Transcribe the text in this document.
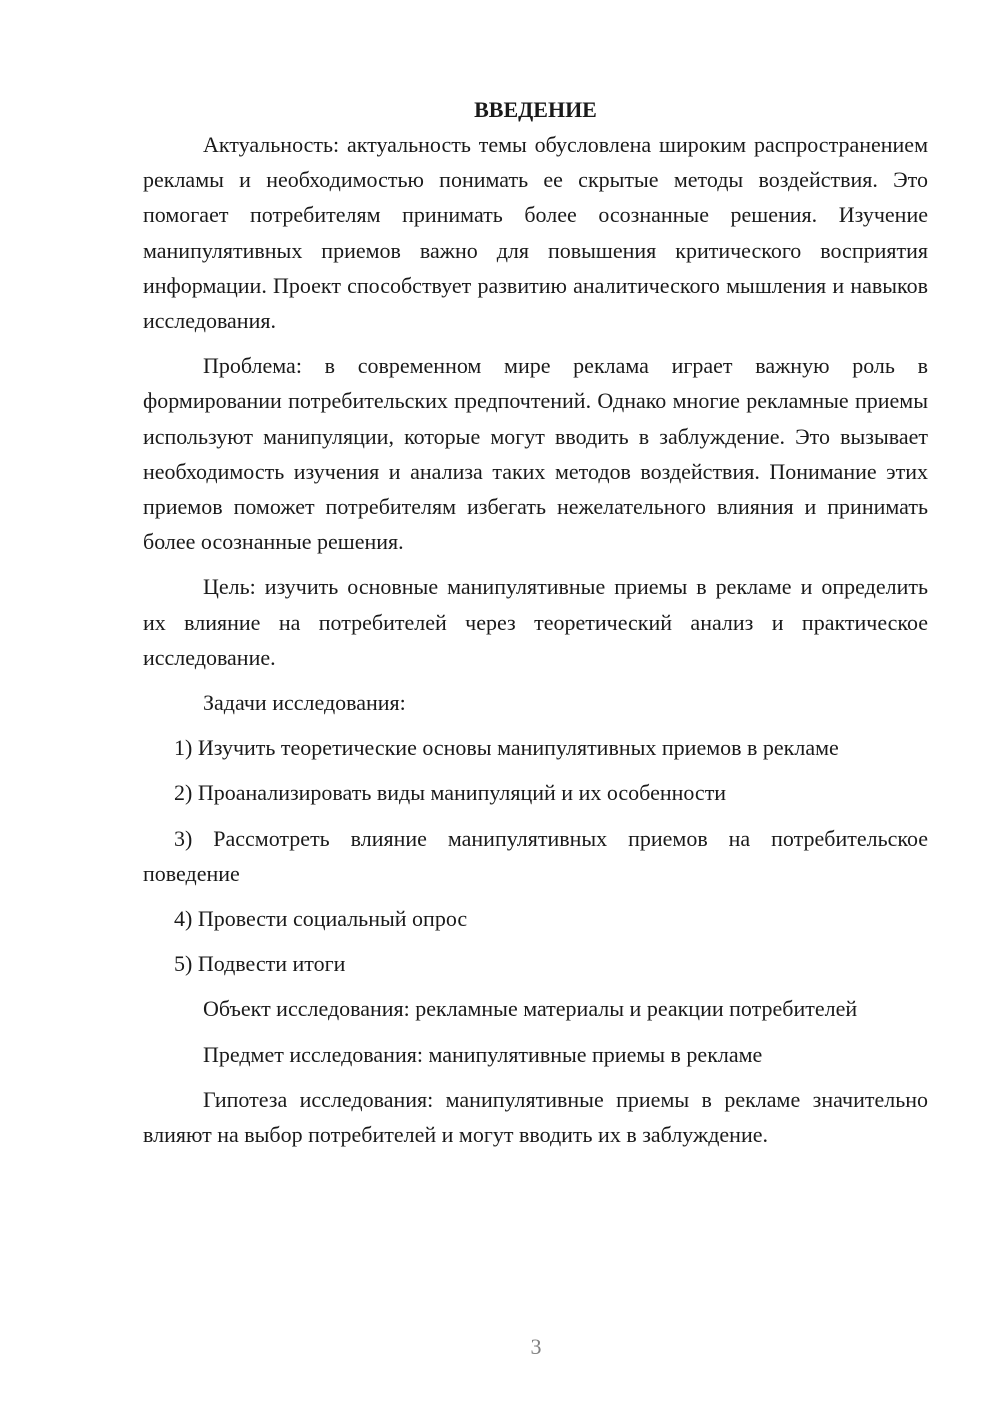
ВВЕДЕНИЕ

Актуальность: актуальность темы обусловлена широким распространением рекламы и необходимостью понимать ее скрытые методы воздействия. Это помогает потребителям принимать более осознанные решения. Изучение манипулятивных приемов важно для повышения критического восприятия информации. Проект способствует развитию аналитического мышления и навыков исследования.

Проблема: в современном мире реклама играет важную роль в формировании потребительских предпочтений. Однако многие рекламные приемы используют манипуляции, которые могут вводить в заблуждение. Это вызывает необходимость изучения и анализа таких методов воздействия. Понимание этих приемов поможет потребителям избегать нежелательного влияния и принимать более осознанные решения.

Цель: изучить основные манипулятивные приемы в рекламе и определить их влияние на потребителей через теоретический анализ и практическое исследование.

Задачи исследования:

1) Изучить теоретические основы манипулятивных приемов в рекламе

2) Проанализировать виды манипуляций и их особенности

3) Рассмотреть влияние манипулятивных приемов на потребительское поведение

4) Провести социальный опрос

5) Подвести итоги

Объект исследования: рекламные материалы и реакции потребителей

Предмет исследования: манипулятивные приемы в рекламе

Гипотеза исследования: манипулятивные приемы в рекламе значительно влияют на выбор потребителей и могут вводить их в заблуждение.

3
